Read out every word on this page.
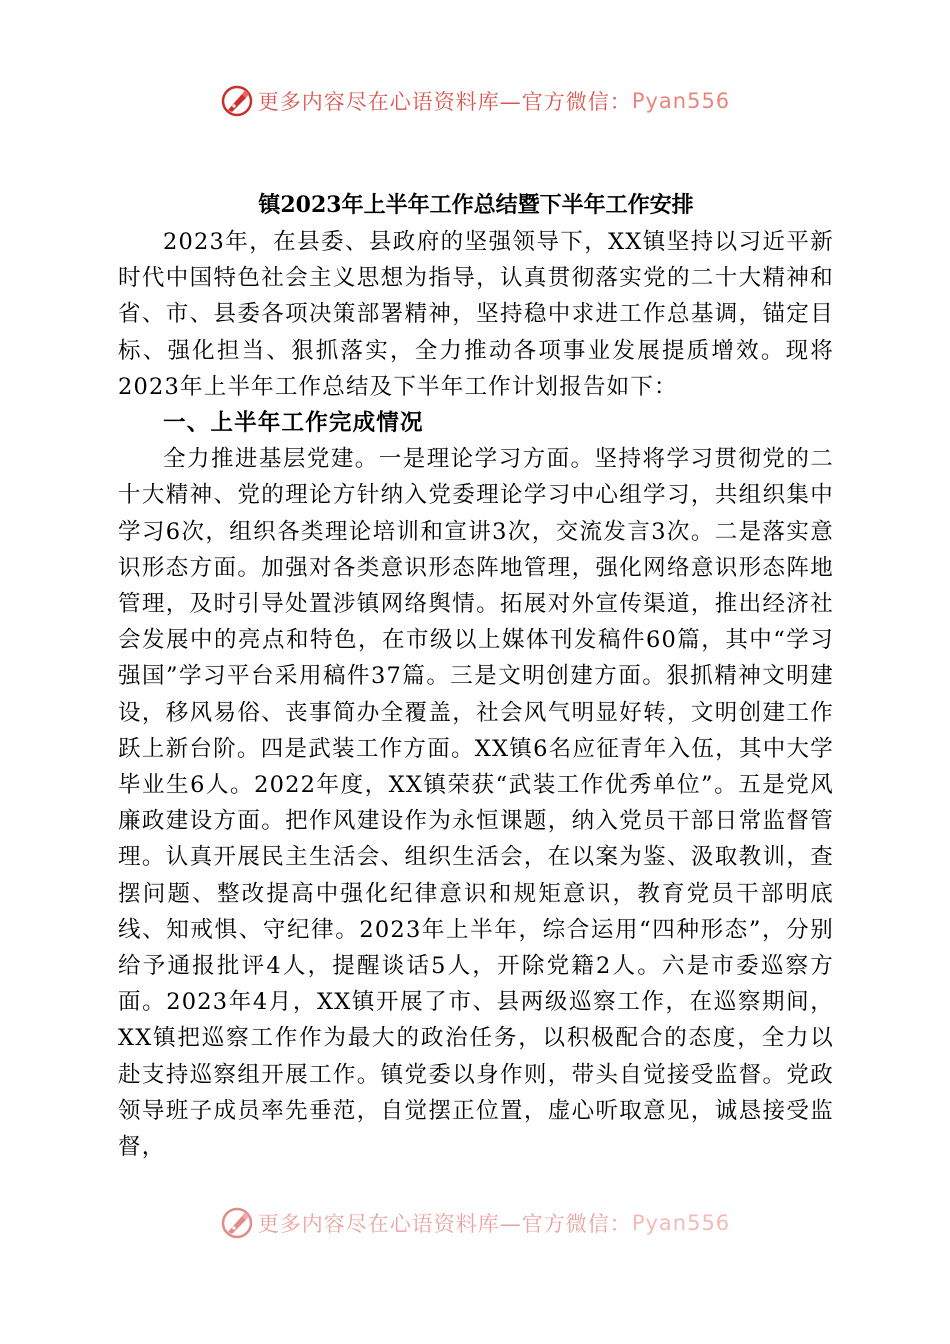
更多内容尽在心语资料库—官方微信： Pyan556
镇2023年上半年工作总结暨下半年工作安排

2023年，在县委、县政府的坚强领导下，XX镇坚持以习近平新时代中国特色社会主义思想为指导，认真贯彻落实党的二十大精神和省、市、县委各项决策部署精神，坚持稳中求进工作总基调，锚定目标、强化担当、狠抓落实，全力推动各项事业发展提质增效。现将2023年上半年工作总结及下半年工作计划报告如下：

一、上半年工作完成情况

全力推进基层党建。一是理论学习方面。坚持将学习贯彻党的二十大精神、党的理论方针纳入党委理论学习中心组学习，共组织集中学习6次，组织各类理论培训和宣讲3次，交流发言3次。二是落实意识形态方面。加强对各类意识形态阵地管理，强化网络意识形态阵地管理，及时引导处置涉镇网络舆情。拓展对外宣传渠道，推出经济社会发展中的亮点和特色，在市级以上媒体刊发稿件60篇，其中“学习强国”学习平台采用稿件37篇。三是文明创建方面。狠抓精神文明建设，移风易俗、丧事简办全覆盖，社会风气明显好转，文明创建工作跃上新台阶。四是武装工作方面。XX镇6名应征青年入伍，其中大学毕业生6人。2022年度，XX镇荣获“武装工作优秀单位”。五是党风廉政建设方面。把作风建设作为永恒课题，纳入党员干部日常监督管理。认真开展民主生活会、组织生活会，在以案为鉴、汲取教训，查摆问题、整改提高中强化纪律意识和规矩意识，教育党员干部明底线、知戒惧、守纪律。2023年上半年，综合运用“四种形态”，分别给予通报批评4人，提醒谈话5人，开除党籍2人。六是市委巡察方面。2023年4月，XX镇开展了市、县两级巡察工作，在巡察期间，XX镇把巡察工作作为最大的政治任务，以积极配合的态度，全力以赴支持巡察组开展工作。镇党委以身作则，带头自觉接受监督。党政领导班子成员率先垂范，自觉摆正位置，虚心听取意见，诚恳接受监督，

更多内容尽在心语资料库—官方微信： Pyan556
